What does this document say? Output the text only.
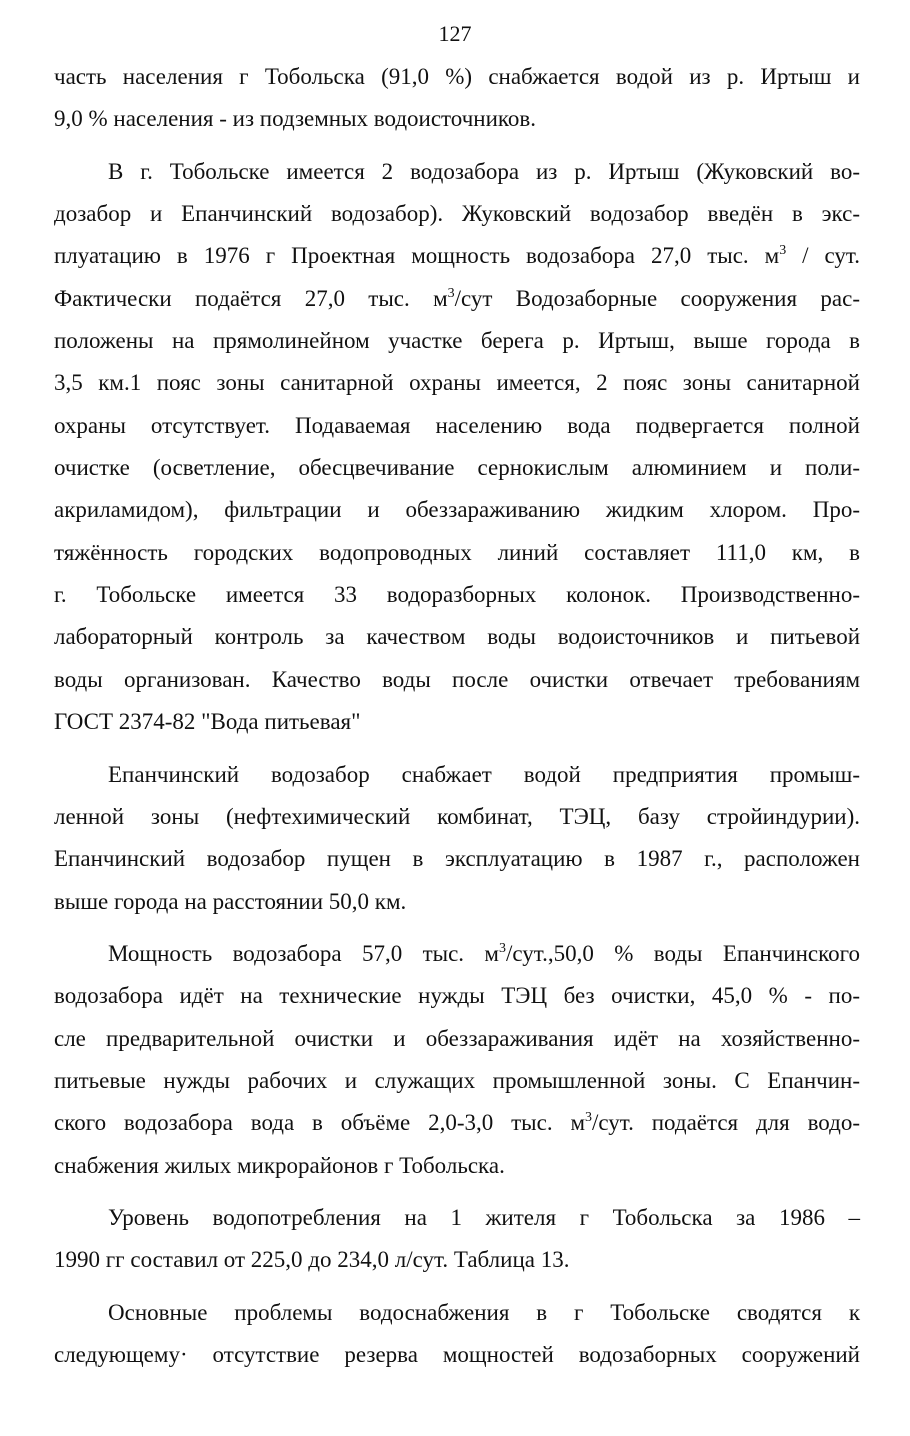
127
часть населения г Тобольска (91,0 %) снабжается водой из р. Иртыш и
9,0 % населения - из подземных водоисточников.
В г. Тобольске имеется 2 водозабора из р. Иртыш (Жуковский во-
дозабор и Епанчинский водозабор). Жуковский водозабор введён в экс-
плуатацию в 1976 г Проектная мощность водозабора 27,0 тыс. $м^3$ / сут.
Фактически подаётся 27,0 тыс. $м^3$/сут Водозаборные сооружения рас-
положены на прямолинейном участке берега р. Иртыш, выше города в
3,5 км.1 пояс зоны санитарной охраны имеется, 2 пояс зоны санитарной
охраны отсутствует. Подаваемая населению вода подвергается полной
очистке (осветление, обесцвечивание сернокислым алюминием и поли-
акриламидом), фильтрации и обеззараживанию жидким хлором. Про-
тяжённость городских водопроводных линий составляет 111,0 км, в
г. Тобольске имеется 33 водоразборных колонок. Производственно-
лабораторный контроль за качеством воды водоисточников и питьевой
воды организован. Качество воды после очистки отвечает требованиям
ГОСТ 2374-82 "Вода питьевая"
Епанчинский водозабор снабжает водой предприятия промыш-
ленной зоны (нефтехимический комбинат, ТЭЦ, базу стройиндурии).
Епанчинский водозабор пущен в эксплуатацию в 1987 г., расположен
выше города на расстоянии 50,0 км.
Мощность водозабора 57,0 тыс. $м^3/сут.,50,0$ % воды Епанчинского
водозабора идёт на технические нужды ТЭЦ без очистки, 45,0 % - по-
сле предварительной очистки и обеззараживания идёт на хозяйственно-
питьевые нужды рабочих и служащих промышленной зоны. С Епанчин-
ского водозабора вода в объёме 2,0-3,0 тыс. $м^3$/сут. подаётся для водо-
снабжения жилых микрорайонов г Тобольска.
Уровень водопотребления на 1 жителя г Тобольска за 1986 –
1990 гг составил от 225,0 до 234,0 л/сут. Таблица 13.
Основные проблемы водоснабжения в г Тобольске сводятся к
следующему· отсутствие резерва мощностей водозаборных сооружений
